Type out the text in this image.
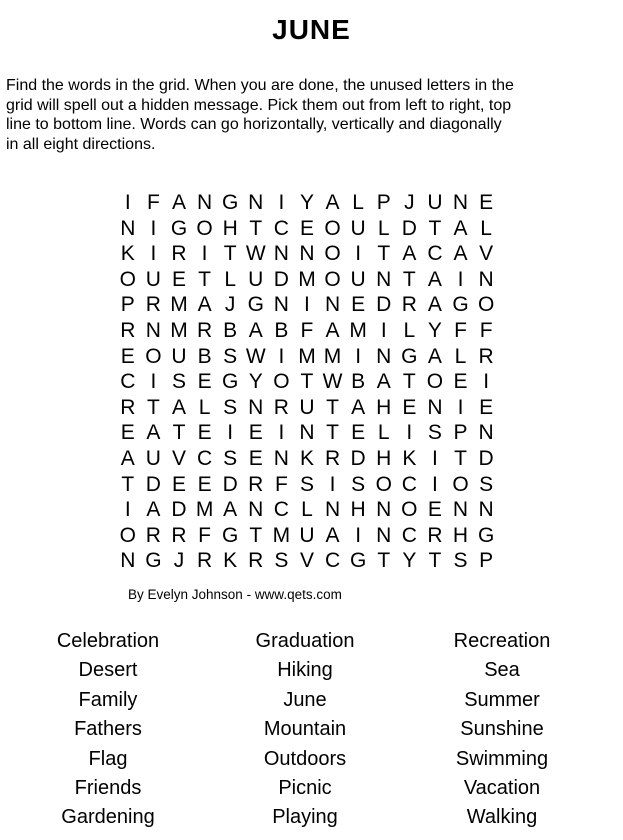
JUNE
Find the words in the grid. When you are done, the unused letters in the
grid will spell out a hidden message. Pick them out from left to right, top
line to bottom line. Words can go horizontally, vertically and diagonally
in all eight directions.
I F A N G N I Y A L P J U N E
N I G O H T C E O U L D T A L
K I R I T W N N O I T A C A V
O U E T L U D M O U N T A I N
P R M A J G N I N E D R A G O
R N M R B A B F A M I L Y F F
E O U B S W I M M I N G A L R
C I S E G Y O T W B A T O E I
R T A L S N R U T A H E N I E
E A T E I E I N T E L I S P N
A U V C S E N K R D H K I T D
T D E E D R F S I S O C I O S
I A D M A N C L N H N O E N N
O R R F G T M U A I N C R H G
N G J R K R S V C G T Y T S P
By Evelyn Johnson - www.qets.com
Celebration
Desert
Family
Fathers
Flag
Friends
Gardening
Graduation
Hiking
June
Mountain
Outdoors
Picnic
Playing
Recreation
Sea
Summer
Sunshine
Swimming
Vacation
Walking
